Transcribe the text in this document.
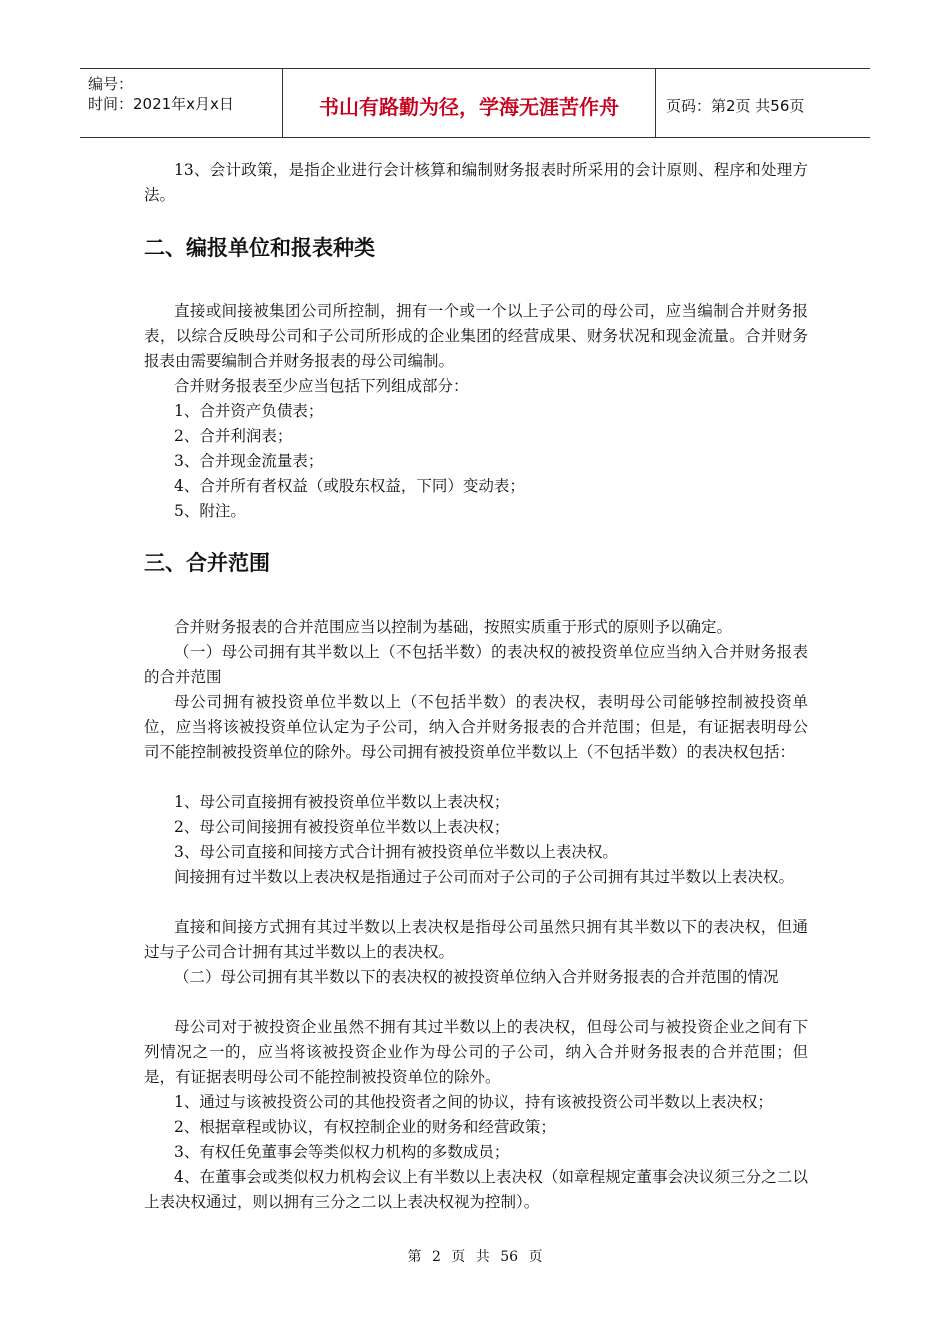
编号：
时间：2021年x月x日	书山有路勤为径，学海无涯苦作舟	页码：第2页 共56页

13、会计政策，是指企业进行会计核算和编制财务报表时所采用的会计原则、程序和处理方法。

二、编报单位和报表种类

直接或间接被集团公司所控制，拥有一个或一个以上子公司的母公司，应当编制合并财务报表，以综合反映母公司和子公司所形成的企业集团的经营成果、财务状况和现金流量。合并财务报表由需要编制合并财务报表的母公司编制。

合并财务报表至少应当包括下列组成部分：

1、合并资产负债表；

2、合并利润表；

3、合并现金流量表；

4、合并所有者权益（或股东权益，下同）变动表；

5、附注。

三、合并范围

合并财务报表的合并范围应当以控制为基础，按照实质重于形式的原则予以确定。

（一）母公司拥有其半数以上（不包括半数）的表决权的被投资单位应当纳入合并财务报表的合并范围

母公司拥有被投资单位半数以上（不包括半数）的表决权，表明母公司能够控制被投资单位，应当将该被投资单位认定为子公司，纳入合并财务报表的合并范围；但是，有证据表明母公司不能控制被投资单位的除外。母公司拥有被投资单位半数以上（不包括半数）的表决权包括：

1、母公司直接拥有被投资单位半数以上表决权；

2、母公司间接拥有被投资单位半数以上表决权；

3、母公司直接和间接方式合计拥有被投资单位半数以上表决权。

间接拥有过半数以上表决权是指通过子公司而对子公司的子公司拥有其过半数以上表决权。

直接和间接方式拥有其过半数以上表决权是指母公司虽然只拥有其半数以下的表决权，但通过与子公司合计拥有其过半数以上的表决权。

（二）母公司拥有其半数以下的表决权的被投资单位纳入合并财务报表的合并范围的情况

母公司对于被投资企业虽然不拥有其过半数以上的表决权，但母公司与被投资企业之间有下列情况之一的，应当将该被投资企业作为母公司的子公司，纳入合并财务报表的合并范围；但是，有证据表明母公司不能控制被投资单位的除外。

1、通过与该被投资公司的其他投资者之间的协议，持有该被投资公司半数以上表决权；

2、根据章程或协议，有权控制企业的财务和经营政策；

3、有权任免董事会等类似权力机构的多数成员；

4、在董事会或类似权力机构会议上有半数以上表决权（如章程规定董事会决议须三分之二以上表决权通过，则以拥有三分之二以上表决权视为控制）。

第 2 页 共 56 页
